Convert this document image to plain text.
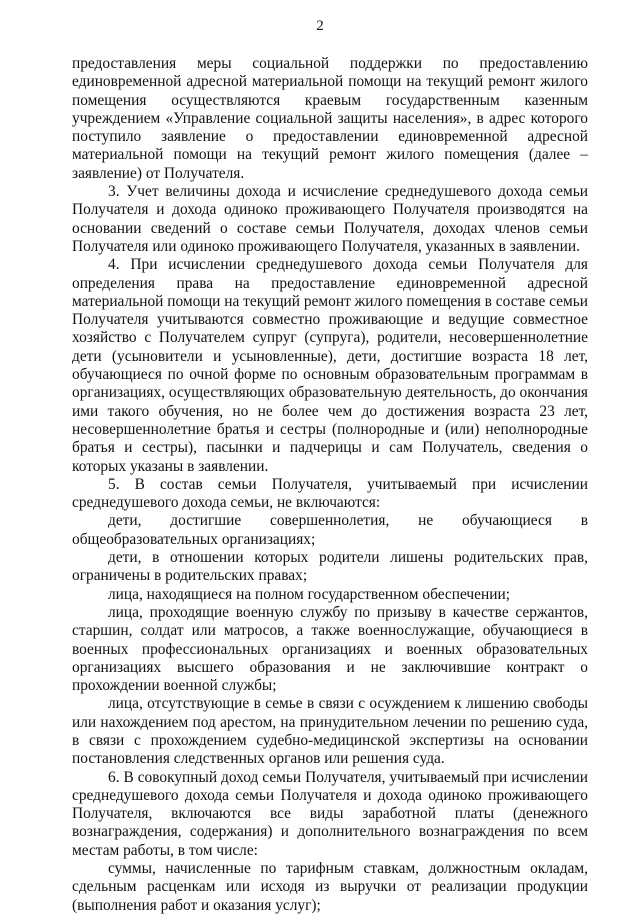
2

предоставления меры социальной поддержки по предоставлению единовременной адресной материальной помощи на текущий ремонт жилого помещения осуществляются краевым государственным казенным учреждением «Управление социальной защиты населения», в адрес которого поступило заявление о предоставлении единовременной адресной материальной помощи на текущий ремонт жилого помещения (далее – заявление) от Получателя.

3. Учет величины дохода и исчисление среднедушевого дохода семьи Получателя и дохода одиноко проживающего Получателя производятся на основании сведений о составе семьи Получателя, доходах членов семьи Получателя или одиноко проживающего Получателя, указанных в заявлении.

4. При исчислении среднедушевого дохода семьи Получателя для определения права на предоставление единовременной адресной материальной помощи на текущий ремонт жилого помещения в составе семьи Получателя учитываются совместно проживающие и ведущие совместное хозяйство с Получателем супруг (супруга), родители, несовершеннолетние дети (усыновители и усыновленные), дети, достигшие возраста 18 лет, обучающиеся по очной форме по основным образовательным программам в организациях, осуществляющих образовательную деятельность, до окончания ими такого обучения, но не более чем до достижения возраста 23 лет, несовершеннолетние братья и сестры (полнородные и (или) неполнородные братья и сестры), пасынки и падчерицы и сам Получатель, сведения о которых указаны в заявлении.

5. В состав семьи Получателя, учитываемый при исчислении среднедушевого дохода семьи, не включаются:

дети, достигшие совершеннолетия, не обучающиеся в общеобразовательных организациях;

дети, в отношении которых родители лишены родительских прав, ограничены в родительских правах;

лица, находящиеся на полном государственном обеспечении;

лица, проходящие военную службу по призыву в качестве сержантов, старшин, солдат или матросов, а также военнослужащие, обучающиеся в военных профессиональных организациях и военных образовательных организациях высшего образования и не заключившие контракт о прохождении военной службы;

лица, отсутствующие в семье в связи с осуждением к лишению свободы или нахождением под арестом, на принудительном лечении по решению суда, в связи с прохождением судебно-медицинской экспертизы на основании постановления следственных органов или решения суда.

6. В совокупный доход семьи Получателя, учитываемый при исчислении среднедушевого дохода семьи Получателя и дохода одиноко проживающего Получателя, включаются все виды заработной платы (денежного вознаграждения, содержания) и дополнительного вознаграждения по всем местам работы, в том числе:

суммы, начисленные по тарифным ставкам, должностным окладам, сдельным расценкам или исходя из выручки от реализации продукции (выполнения работ и оказания услуг);
